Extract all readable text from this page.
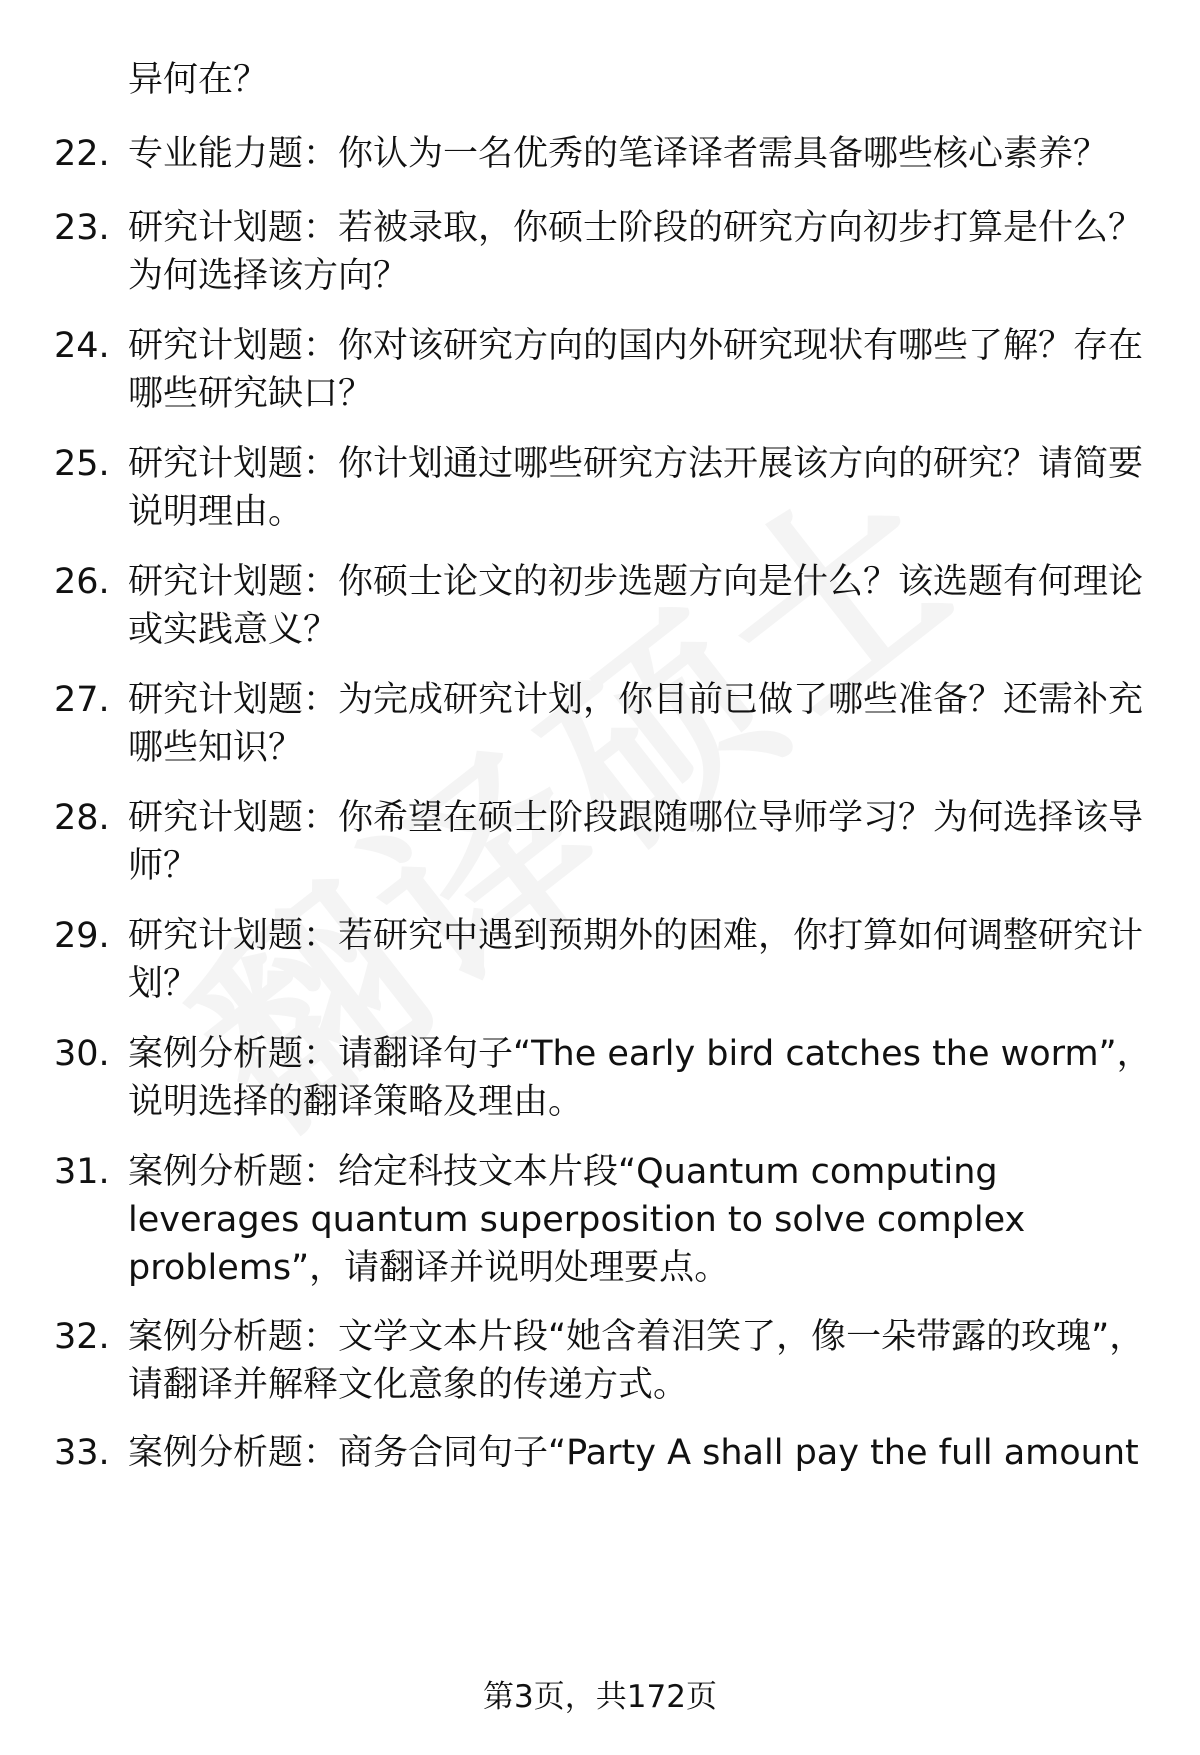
异何在？
22. 专业能力题：你认为一名优秀的笔译译者需具备哪些核心素养？
23. 研究计划题：若被录取，你硕士阶段的研究方向初步打算是什么？为何选择该方向？
24. 研究计划题：你对该研究方向的国内外研究现状有哪些了解？存在哪些研究缺口？
25. 研究计划题：你计划通过哪些研究方法开展该方向的研究？请简要说明理由。
26. 研究计划题：你硕士论文的初步选题方向是什么？该选题有何理论或实践意义？
27. 研究计划题：为完成研究计划，你目前已做了哪些准备？还需补充哪些知识？
28. 研究计划题：你希望在硕士阶段跟随哪位导师学习？为何选择该导师？
29. 研究计划题：若研究中遇到预期外的困难，你打算如何调整研究计划？
30. 案例分析题：请翻译句子“The early bird catches the worm”，说明选择的翻译策略及理由。
31. 案例分析题：给定科技文本片段“Quantum computing leverages quantum superposition to solve complex problems”，请翻译并说明处理要点。
32. 案例分析题：文学文本片段“她含着泪笑了，像一朵带露的玫瑰”，请翻译并解释文化意象的传递方式。
33. 案例分析题：商务合同句子“Party A shall pay the full amount
第3页，共172页
